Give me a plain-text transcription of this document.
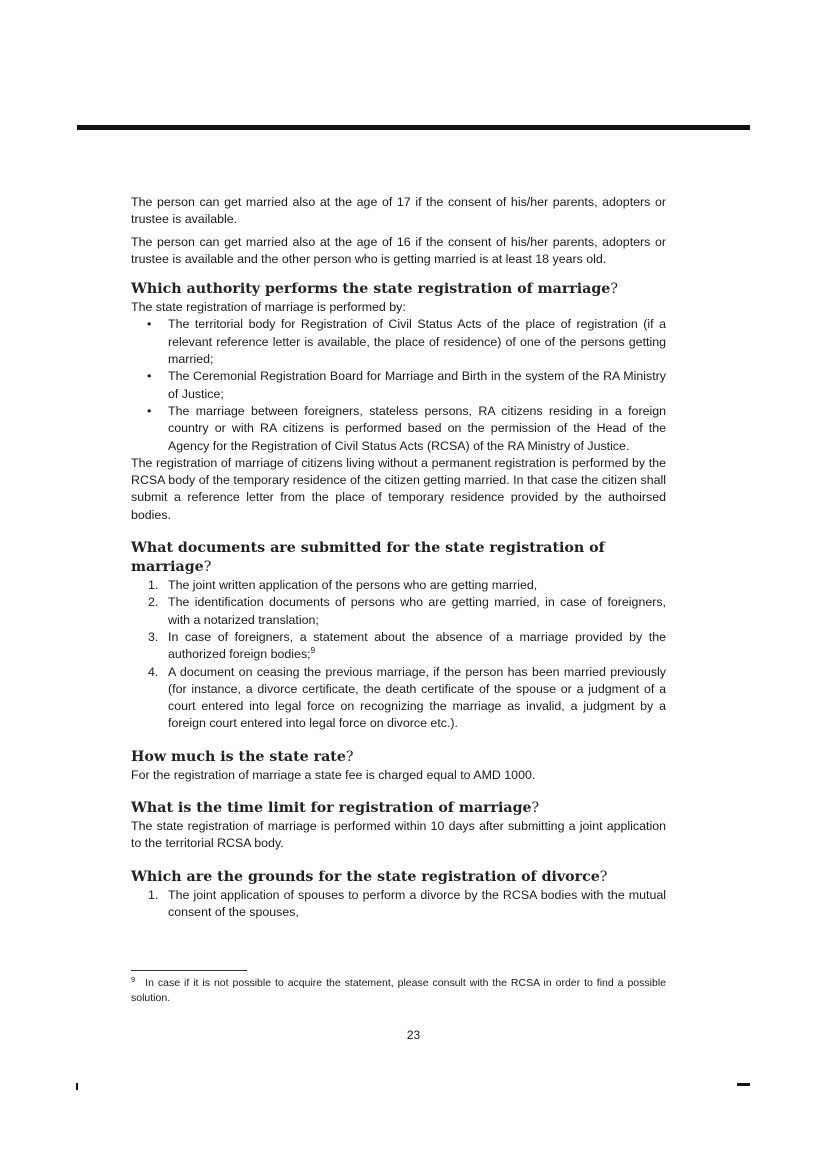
The person can get married also at the age of 17 if the consent of his/her parents, adopters or trustee is available.

The person can get married also at the age of 16 if the consent of his/her parents, adopters or trustee is available and the other person who is getting married is at least 18 years old.

Which authority performs the state registration of marriage?

The state registration of marriage is performed by:

• The territorial body for Registration of Civil Status Acts of the place of registration (if a relevant reference letter is available, the place of residence) of one of the persons getting married;
• The Ceremonial Registration Board for Marriage and Birth in the system of the RA Ministry of Justice;
• The marriage between foreigners, stateless persons, RA citizens residing in a foreign country or with RA citizens is performed based on the permission of the Head of the Agency for the Registration of Civil Status Acts (RCSA) of the RA Ministry of Justice.

The registration of marriage of citizens living without a permanent registration is performed by the RCSA body of the temporary residence of the citizen getting married. In that case the citizen shall submit a reference letter from the place of temporary residence provided by the authoirsed bodies.

What documents are submitted for the state registration of marriage?
1. The joint written application of the persons who are getting married,
2. The identification documents of persons who are getting married, in case of foreigners, with a notarized translation;
3. In case of foreigners, a statement about the absence of a marriage provided by the authorized foreign bodies;$^9$
4. A document on ceasing the previous marriage, if the person has been married previously (for instance, a divorce certificate, the death certificate of the spouse or a judgment of a court entered into legal force on recognizing the marriage as invalid, a judgment by a foreign court entered into legal force on divorce etc.).
How much is the state rate?

For the registration of marriage a state fee is charged equal to AMD 1000.

What is the time limit for registration of marriage?

The state registration of marriage is performed within 10 days after submitting a joint application to the territorial RCSA body.

Which are the grounds for the state registration of divorce?
1. The joint application of spouses to perform a divorce by the RCSA bodies with the mutual consent of the spouses,

$^9$ In case if it is not possible to acquire the statement, please consult with the RCSA in order to find a possible solution.

23
